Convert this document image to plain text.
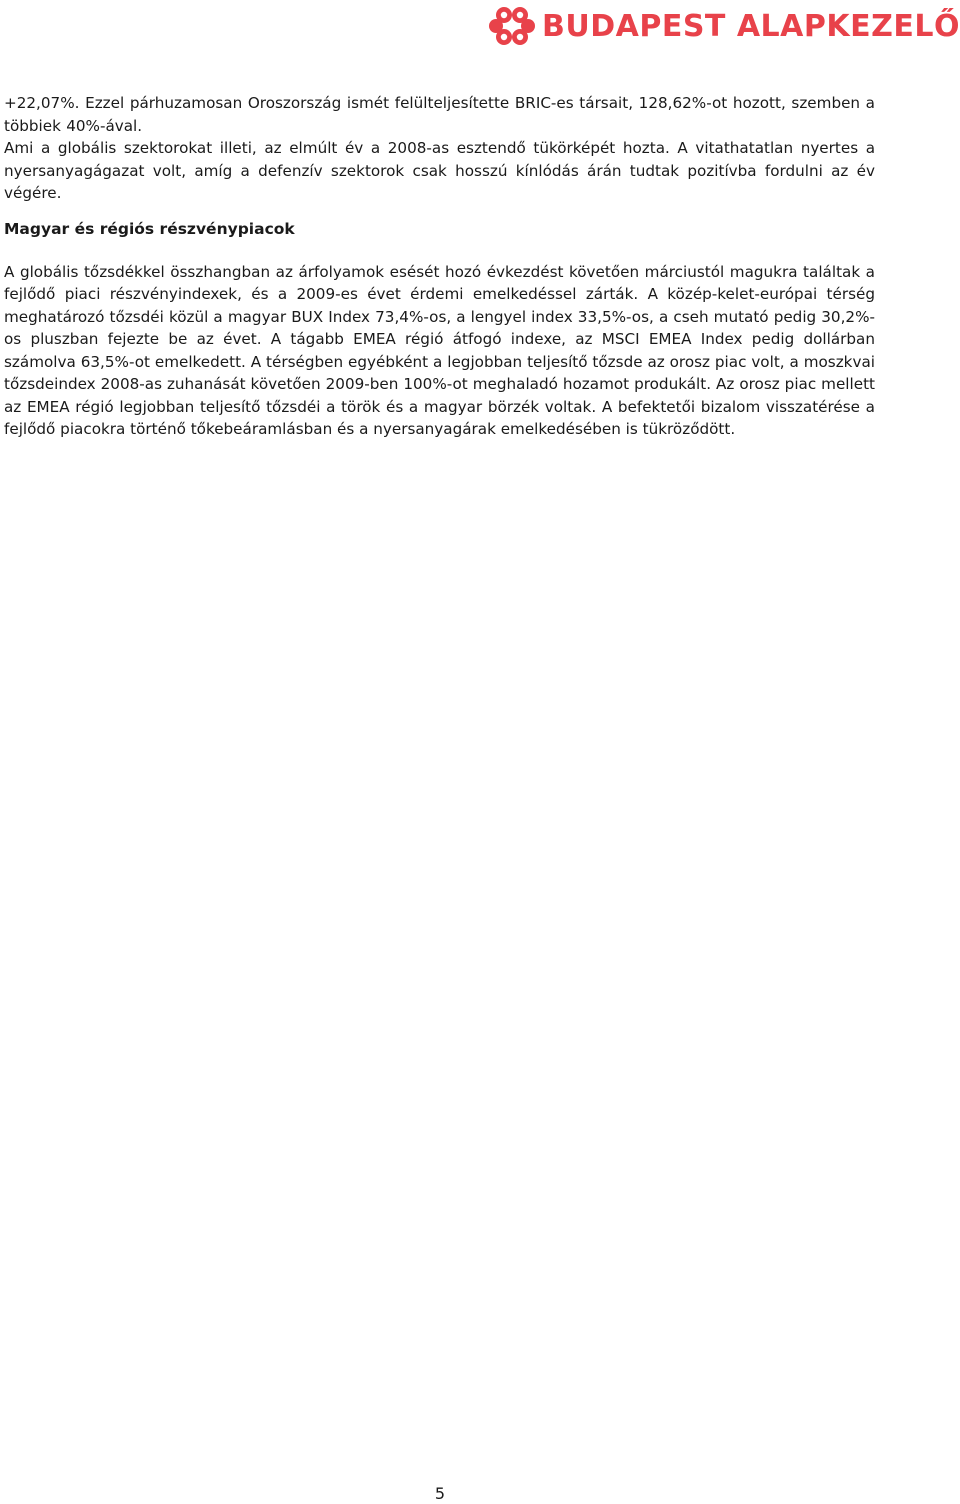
BUDAPEST ALAPKEZELŐ

+22,07%. Ezzel párhuzamosan Oroszország ismét felülteljesítette BRIC-es társait, 128,62%-ot hozott, szemben a többiek 40%-ával.
Ami a globális szektorokat illeti, az elmúlt év a 2008-as esztendő tükörképét hozta. A vitathatatlan nyertes a nyersanyagágazat volt, amíg a defenzív szektorok csak hosszú kínlódás árán tudtak pozitívba fordulni az év végére.

Magyar és régiós részvénypiacok

A globális tőzsdékkel összhangban az árfolyamok esését hozó évkezdést követően márciustól magukra találtak a fejlődő piaci részvényindexek, és a 2009-es évet érdemi emelkedéssel zárták. A közép-kelet-európai térség meghatározó tőzsdéi közül a magyar BUX Index 73,4%-os, a lengyel index 33,5%-os, a cseh mutató pedig 30,2%-os pluszban fejezte be az évet. A tágabb EMEA régió átfogó indexe, az MSCI EMEA Index pedig dollárban számolva 63,5%-ot emelkedett. A térségben egyébként a legjobban teljesítő tőzsde az orosz piac volt, a moszkvai tőzsdeindex 2008-as zuhanását követően 2009-ben 100%-ot meghaladó hozamot produkált. Az orosz piac mellett az EMEA régió legjobban teljesítő tőzsdéi a török és a magyar börzék voltak. A befektetői bizalom visszatérése a fejlődő piacokra történő tőkebeáramlásban és a nyersanyagárak emelkedésében is tükröződött.

5
